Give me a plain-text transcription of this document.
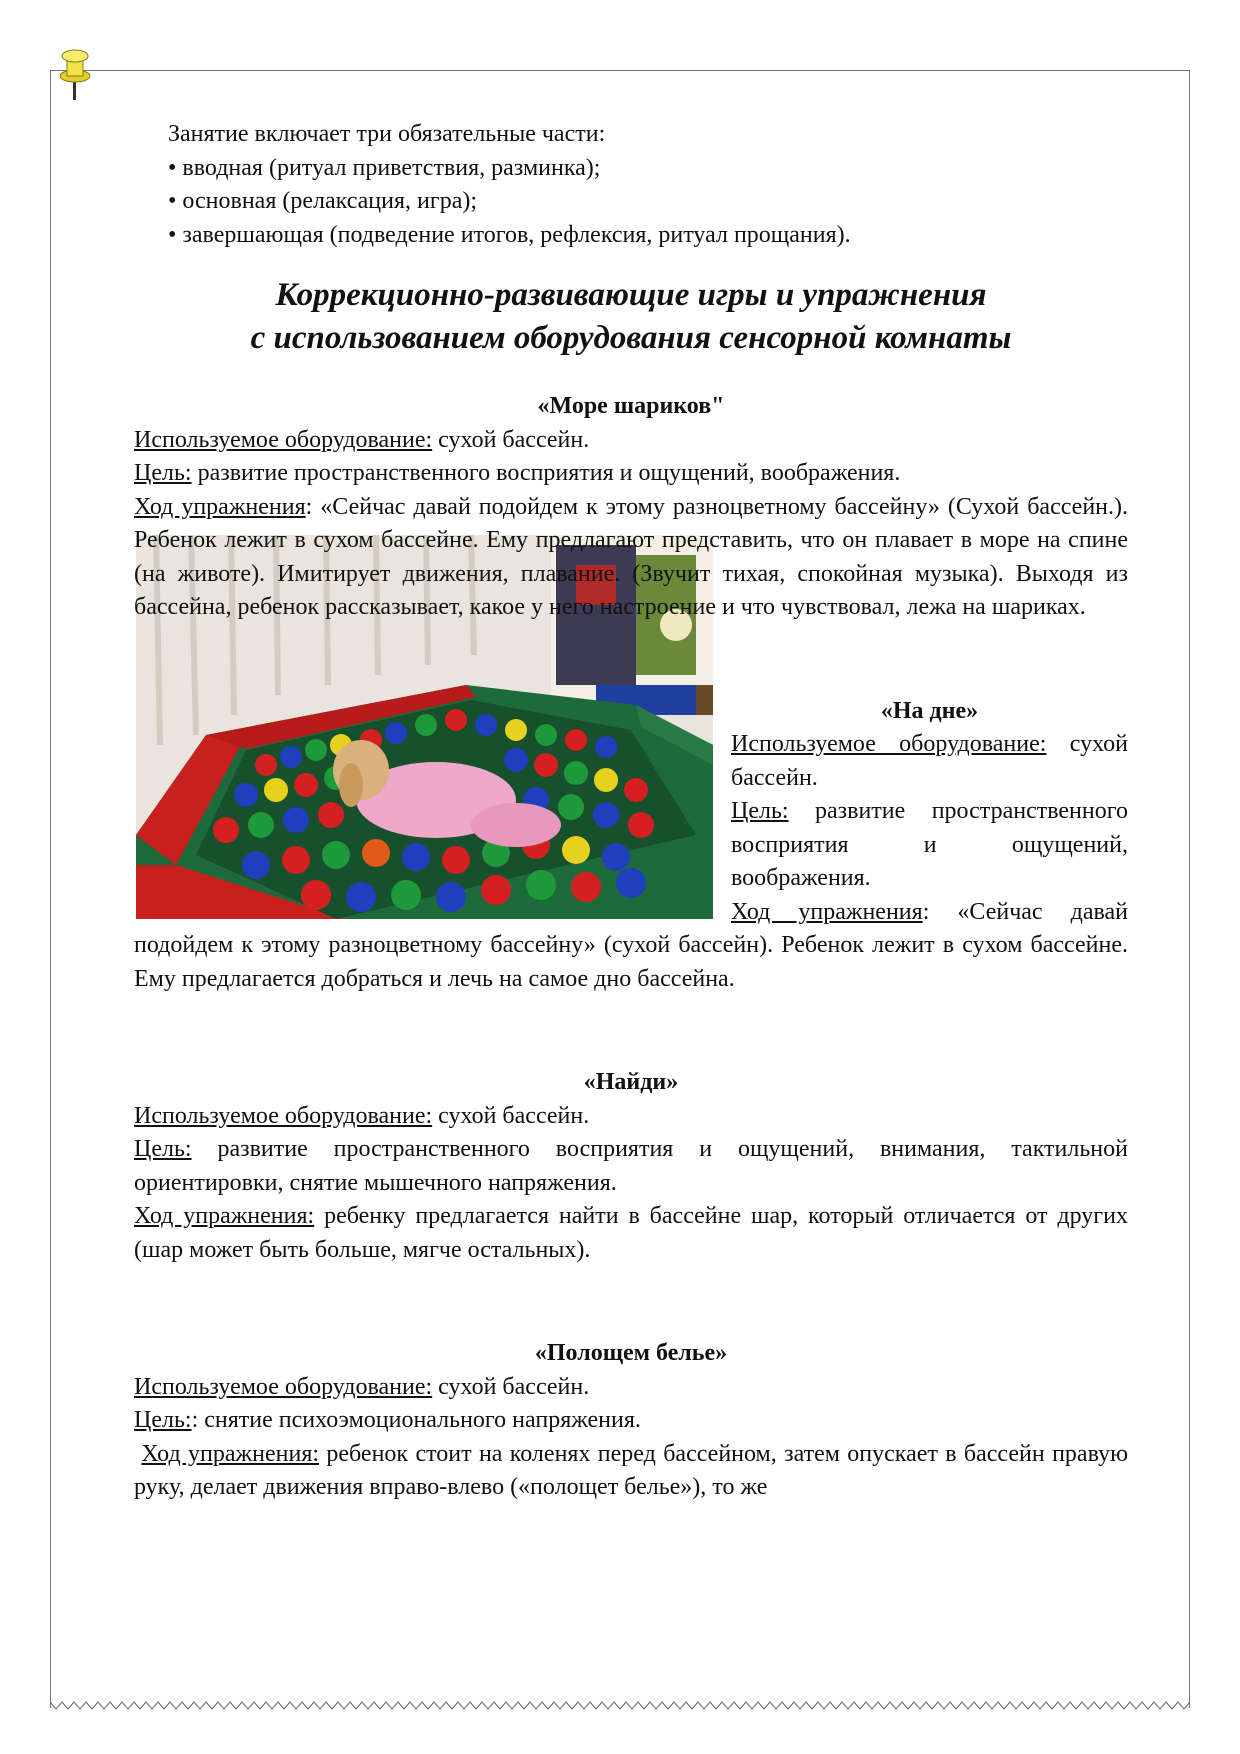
Занятие включает три обязательные части:

• вводная (ритуал приветствия, разминка);

• основная (релаксация, игра);

• завершающая (подведение итогов, рефлексия, ритуал прощания).

Коррекционно-развивающие игры и упражнения

с использованием оборудования сенсорной комнаты

«Море шариков"

Используемое оборудование: сухой бассейн.

Цель: развитие пространственного восприятия и ощущений, воображения.

Ход упражнения: «Сейчас давай подойдем к этому разноцветному бассейну» (Сухой бассейн.). Ребенок лежит в сухом бассейне. Ему предлагают представить, что он плавает в море на спине (на животе). Имитирует движения, плавание. (Звучит тихая, спокойная музыка). Выходя из бассейна, ребенок рассказывает, какое у него настроение и что чувствовал, лежа на шариках.

«На дне»

Используемое оборудование: сухой бассейн.

Цель: развитие пространственного восприятия и ощущений, воображения.

Ход упражнения: «Сейчас давай подойдем к этому разноцветному бассейну» (сухой бассейн). Ребенок лежит в сухом бассейне. Ему предлагается добраться и лечь на самое дно бассейна.

«Найди»

Используемое оборудование: сухой бассейн.

Цель: развитие пространственного восприятия и ощущений, внимания, тактильной ориентировки, снятие мышечного напряжения.

Ход упражнения: ребенку предлагается найти в бассейне шар, который отличается от других (шар может быть больше, мягче остальных).

«Полощем белье»

Используемое оборудование: сухой бассейн.

Цель:: снятие психоэмоционального напряжения.

Ход упражнения: ребенок стоит на коленях перед бассейном, затем опускает в бассейн правую руку, делает движения вправо-влево («полощет белье»), то же
